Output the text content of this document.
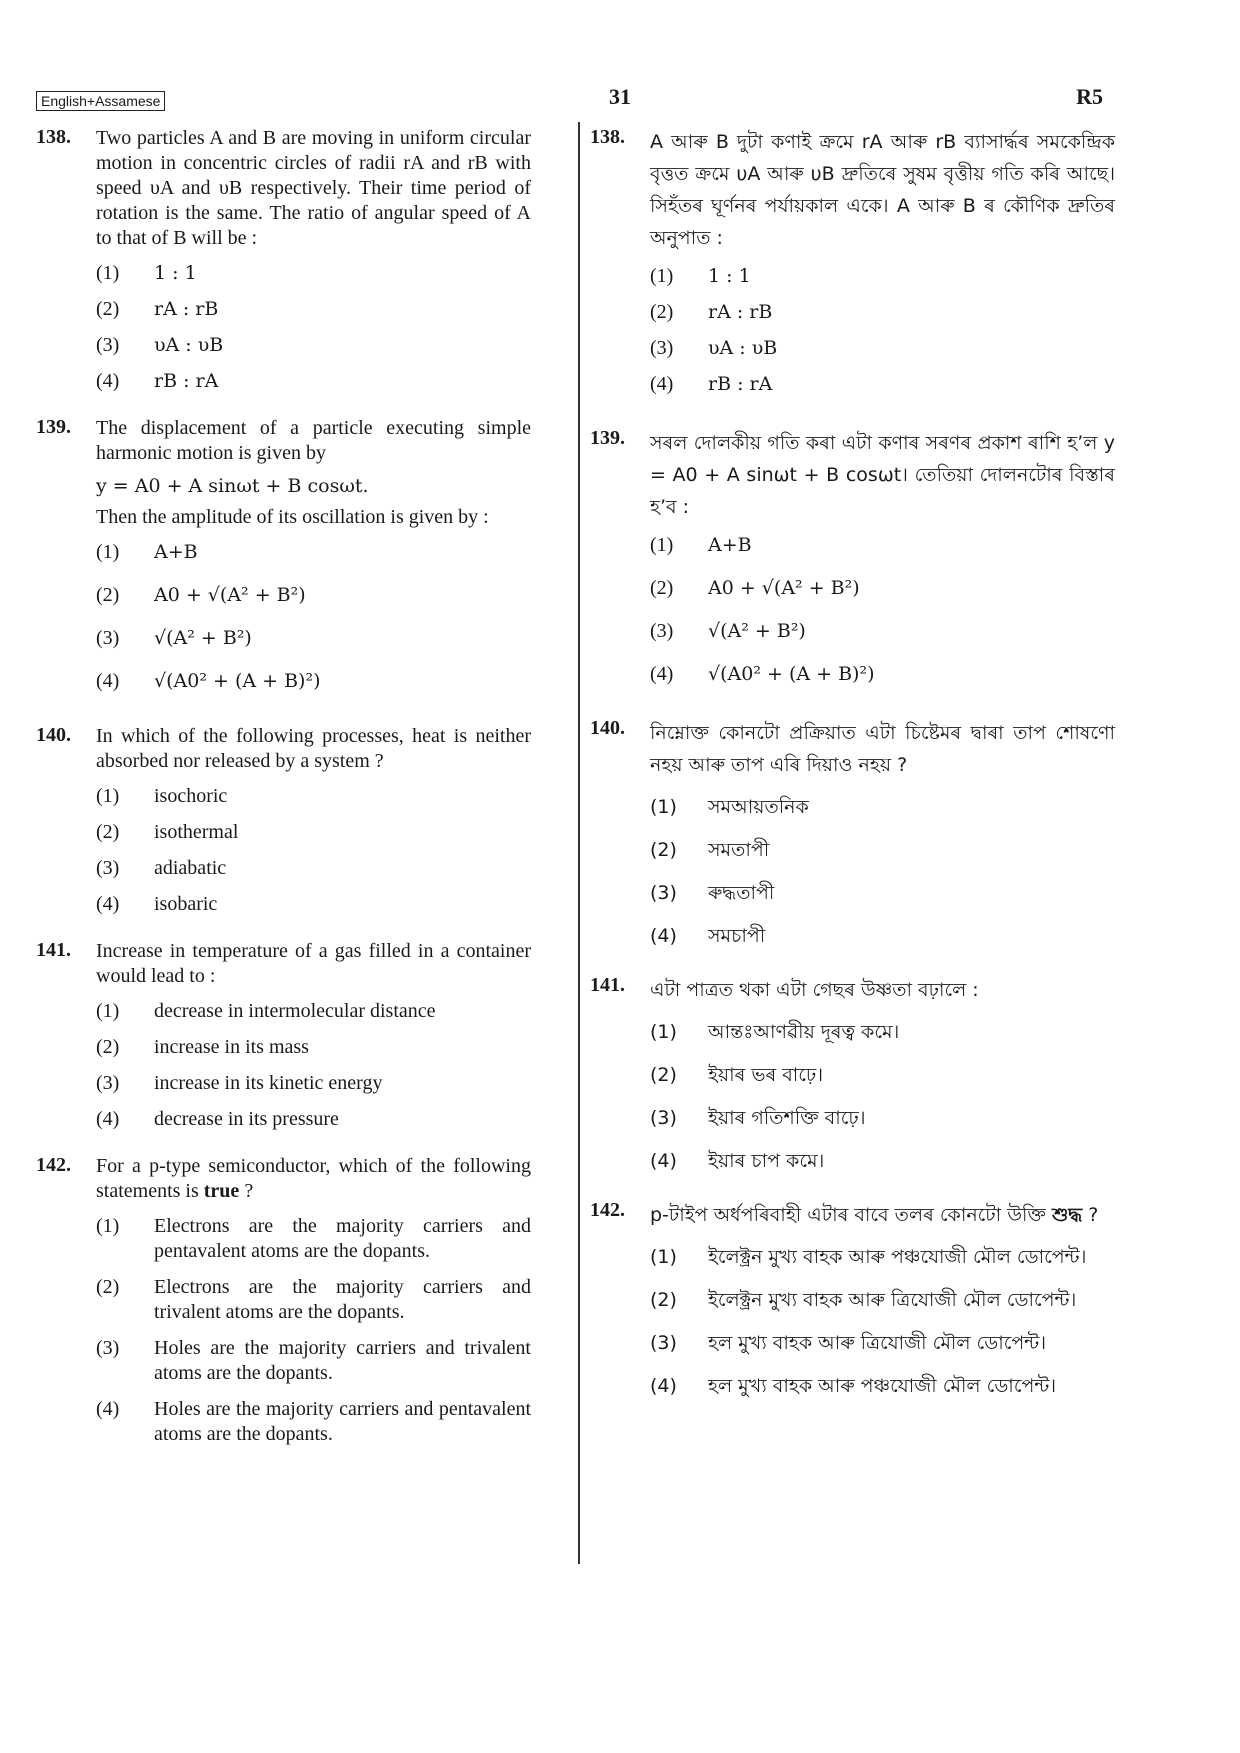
English+Assamese	31	R5
138. Two particles A and B are moving in uniform circular motion in concentric circles of radii rA and rB with speed υA and υB respectively. Their time period of rotation is the same. The ratio of angular speed of A to that of B will be :
(1) 1 : 1
(2) rA : rB
(3) υA : υB
(4) rB : rA
139. The displacement of a particle executing simple harmonic motion is given by
y = A0 + A sinωt + B cosωt.
Then the amplitude of its oscillation is given by :
(1) A+B
(2) A0 + √(A² + B²)
(3) √(A² + B²)
(4) √(A0² + (A + B)²)
140. In which of the following processes, heat is neither absorbed nor released by a system ?
(1) isochoric
(2) isothermal
(3) adiabatic
(4) isobaric
141. Increase in temperature of a gas filled in a container would lead to :
(1) decrease in intermolecular distance
(2) increase in its mass
(3) increase in its kinetic energy
(4) decrease in its pressure
142. For a p-type semiconductor, which of the following statements is true ?
(1) Electrons are the majority carriers and pentavalent atoms are the dopants.
(2) Electrons are the majority carriers and trivalent atoms are the dopants.
(3) Holes are the majority carriers and trivalent atoms are the dopants.
(4) Holes are the majority carriers and pentavalent atoms are the dopants.
138. A আৰু B দুটা কণাই ক্ৰমে rA আৰু rB ব্যাসাৰ্দ্ধৰ সমকেন্দ্ৰিক বৃত্তত ক্ৰমে υA আৰু υB দ্ৰুতিৰে সুষম বৃত্তীয় গতি কৰি আছে। সিহঁতৰ ঘূৰ্ণনৰ পৰ্যায়কাল একে। A আৰু B ৰ কৌণিক দ্ৰুতিৰ অনুপাত :
(1) 1 : 1
(2) rA : rB
(3) υA : υB
(4) rB : rA
139. সৰল দোলকীয় গতি কৰা এটা কণাৰ সৰণৰ প্ৰকাশ ৰাশি হ’ল y = A0 + A sinωt + B cosωt। তেতিয়া দোলনটোৰ বিস্তাৰ হ’ব :
(1) A+B
(2) A0 + √(A² + B²)
(3) √(A² + B²)
(4) √(A0² + (A + B)²)
140. নিম্নোক্ত কোনটো প্ৰক্ৰিয়াত এটা চিষ্টেমৰ দ্বাৰা তাপ শোষণো নহয় আৰু তাপ এৰি দিয়াও নহয় ?
(1) সমআয়তনিক
(2) সমতাপী
(3) ৰুদ্ধতাপী
(4) সমচাপী
141. এটা পাত্ৰত থকা এটা গেছৰ উষ্ণতা বঢ়ালে :
(1) আন্তঃআণৱীয় দূৰত্ব কমে।
(2) ইয়াৰ ভৰ বাঢ়ে।
(3) ইয়াৰ গতিশক্তি বাঢ়ে।
(4) ইয়াৰ চাপ কমে।
142. p-টাইপ অৰ্ধপৰিবাহী এটাৰ বাবে তলৰ কোনটো উক্তি শুদ্ধ ?
(1) ইলেক্ট্ৰন মুখ্য বাহক আৰু পঞ্চযোজী মৌল ডোপেন্ট।
(2) ইলেক্ট্ৰন মুখ্য বাহক আৰু ত্ৰিযোজী মৌল ডোপেন্ট।
(3) হল মুখ্য বাহক আৰু ত্ৰিযোজী মৌল ডোপেন্ট।
(4) হল মুখ্য বাহক আৰু পঞ্চযোজী মৌল ডোপেন্ট।
